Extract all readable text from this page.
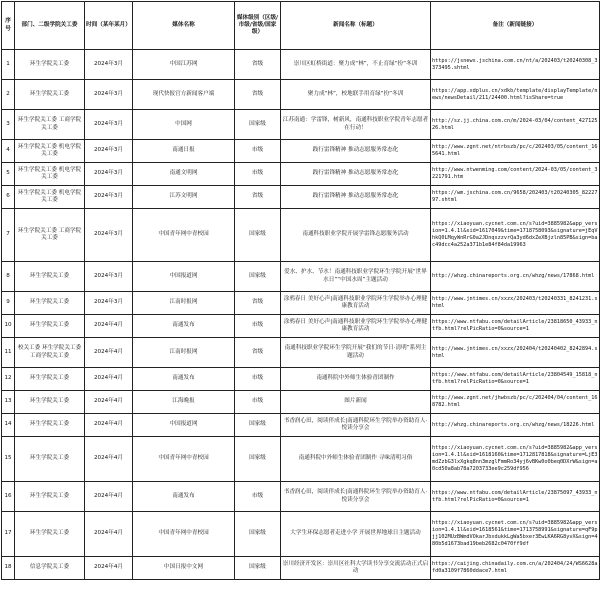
序号	部门、二级学院关工委	时间（某年某月）	媒体名称	媒体级别（区级/市级/省级/国家级）	新闻名称（标题）	备注（新闻链接）
1	环生学院关工委	2024年3月	中国江苏网	省级	崇川区虹桥街道：聚力成“林”，不止育绿“扮”冬训	https://jsnews.jschina.com.cn/nt/a/202403/t20240308_3373495.shtml
2	环生学院关工委	2024年3月	现代快报官方新闻客户端	省级	聚力成“林”，校地联手用育绿“扮”冬训	https://app.xdplus.cn/xdkb/template/displayTemplate/news/newsDetail/211/24400.html?isShare=true
3	环生学院关工委 工商学院关工委	2024年3月	中国网	国家级	江苏南通：学雷锋，树新风，南通科技职业学院青年志愿者在行动！	http://sz.jj.china.com.cn/m/2024-03/04/content_42712526.html
4	环生学院关工委 机电学院关工委	2024年3月	南通日报	市级	践行雷锋精神 推动志愿服务常态化	http://www.zgnt.net/ntrbszb/pc/c/202403/05/content_165641.html
5	环生学院关工委 机电学院关工委	2024年3月	南通文明网	市级	践行雷锋精神 推动志愿服务常态化	http://www.ntwenming.com/content/2024-03/05/content_3221791.htm
6	环生学院关工委 机电学院关工委	2024年3月	江苏文明网	省级	践行雷锋精神 推动志愿服务常态化	https://wm.jschina.com.cn/9658/202403/t20240305_8222797.shtml
7	环生学院关工委 工商学院关工委	2024年3月	中国青年网中青校园	国家级	南通科技职业学院开展学雷锋志愿服务活动	https://xiaoyuan.cycnet.com.cn/s?uid=3885982&app_version=1.4.1l&sid=1617049&time=1718758093&signature=jEqVhkQ0LMqyWnRrG0a2JDnqszzvrQa3yd6dxZeXBjzln85PB&sign=bac49dcc4a252a371b1e84f84da19963
8	环生学院关工委	2024年3月	中国报道网	国家级	爱水、护水、节水！南通科技职业学院环生学院开展“世界水日”“中国水周”主题活动	http://whzg.chinareports.org.cn/whzg/news/17868.html
9	环生学院关工委	2024年3月	江南时报网	省级	涂鸦春日 美好心声|南通科技职业学院环生学院举办心理健康教育活动	http://www.jntimes.cn/xxzx/202403/t20240331_8241231.shtml
10	环生学院关工委	2024年4月	南通发布	市级	涂鸦春日 美好心声|南通科技职业学院环生学院举办心理健康教育活动	https://www.ntfabu.com/detailArticle/23818650_43933_ntfb.html?relPicRatio=0&source=1
11	校关工委 环生学院关工委 工商学院关工委	2024年4月	江南时报网	省级	南通科技职业学院环生学院开展“我们的节日·清明”系列主题活动	http://www.jntimes.cn/xxzx/202404/t20240402_8242894.shtml
12	环生学院关工委	2024年4月	南通发布	市级	南通科院中外师生体验青团制作	https://www.ntfabu.com/detailArticle/23804549_15818_ntfb.html?relPicRatio=0&source=1
13	环生学院关工委	2024年4月	江海晚报	市级	图片新闻	http://www.zgnt.net/jhwbszb/pc/c/202404/04/content_168782.html
14	环生学院关工委	2024年4月	中国报道网	国家级	书香润心田，阅读伴成长|南通科院环生学院举办资助育人·悦读分享会	http://whzg.chinareports.org.cn/whzg/news/18226.html
15	环生学院关工委	2024年4月	中国青年网中青校园	国家级	南通科院中外师生体验青团制作 寻味清明习俗	https://xiaoyuan.cycnet.com.cn/s?uid=3885982&app_version=1.4.1l&sid=1618160&time=1712817818&signature=LjE3mdZzbG3lxXgkq8nn3mzglFmmRo34yj6vBKw0o0beq0DXrW&sign=a0cd50a8ab78a7203733ee9c259df956
16	环生学院关工委	2024年4月	南通发布	市级	书香润心田，阅读伴成长|南通科院环生学院举办资助育人·悦读分享会	https://www.ntfabu.com/detailArticle/23875097_43933_ntfb.html?relPicRatio=0&source=1
17	环生学院关工委	2024年4月	中国青年网中青校园	国家级	大学生环保志愿者走进小学 开展世界地球日主题活动	https://xiaoyuan.cycnet.com.cn/s?uid=3885982&app_version=1.4.1l&sid=1618561&time=1713758991&signature=qF9pjj102MUzBWmdVOkarJbxdukkLgWa5bxer3EwLKA6RG8yvX&sign=480b5d1673bad19beb2682c0470ff9df
18	信息学院关工委	2024年4月	中国日报中文网	国家级	崇川经济开发区：崇川区社科大学读书分享交流活动正式启动	https://caijing.chinadaily.com.cn/a/202404/24/WS6628afd0a3109f7860ddace7.html
